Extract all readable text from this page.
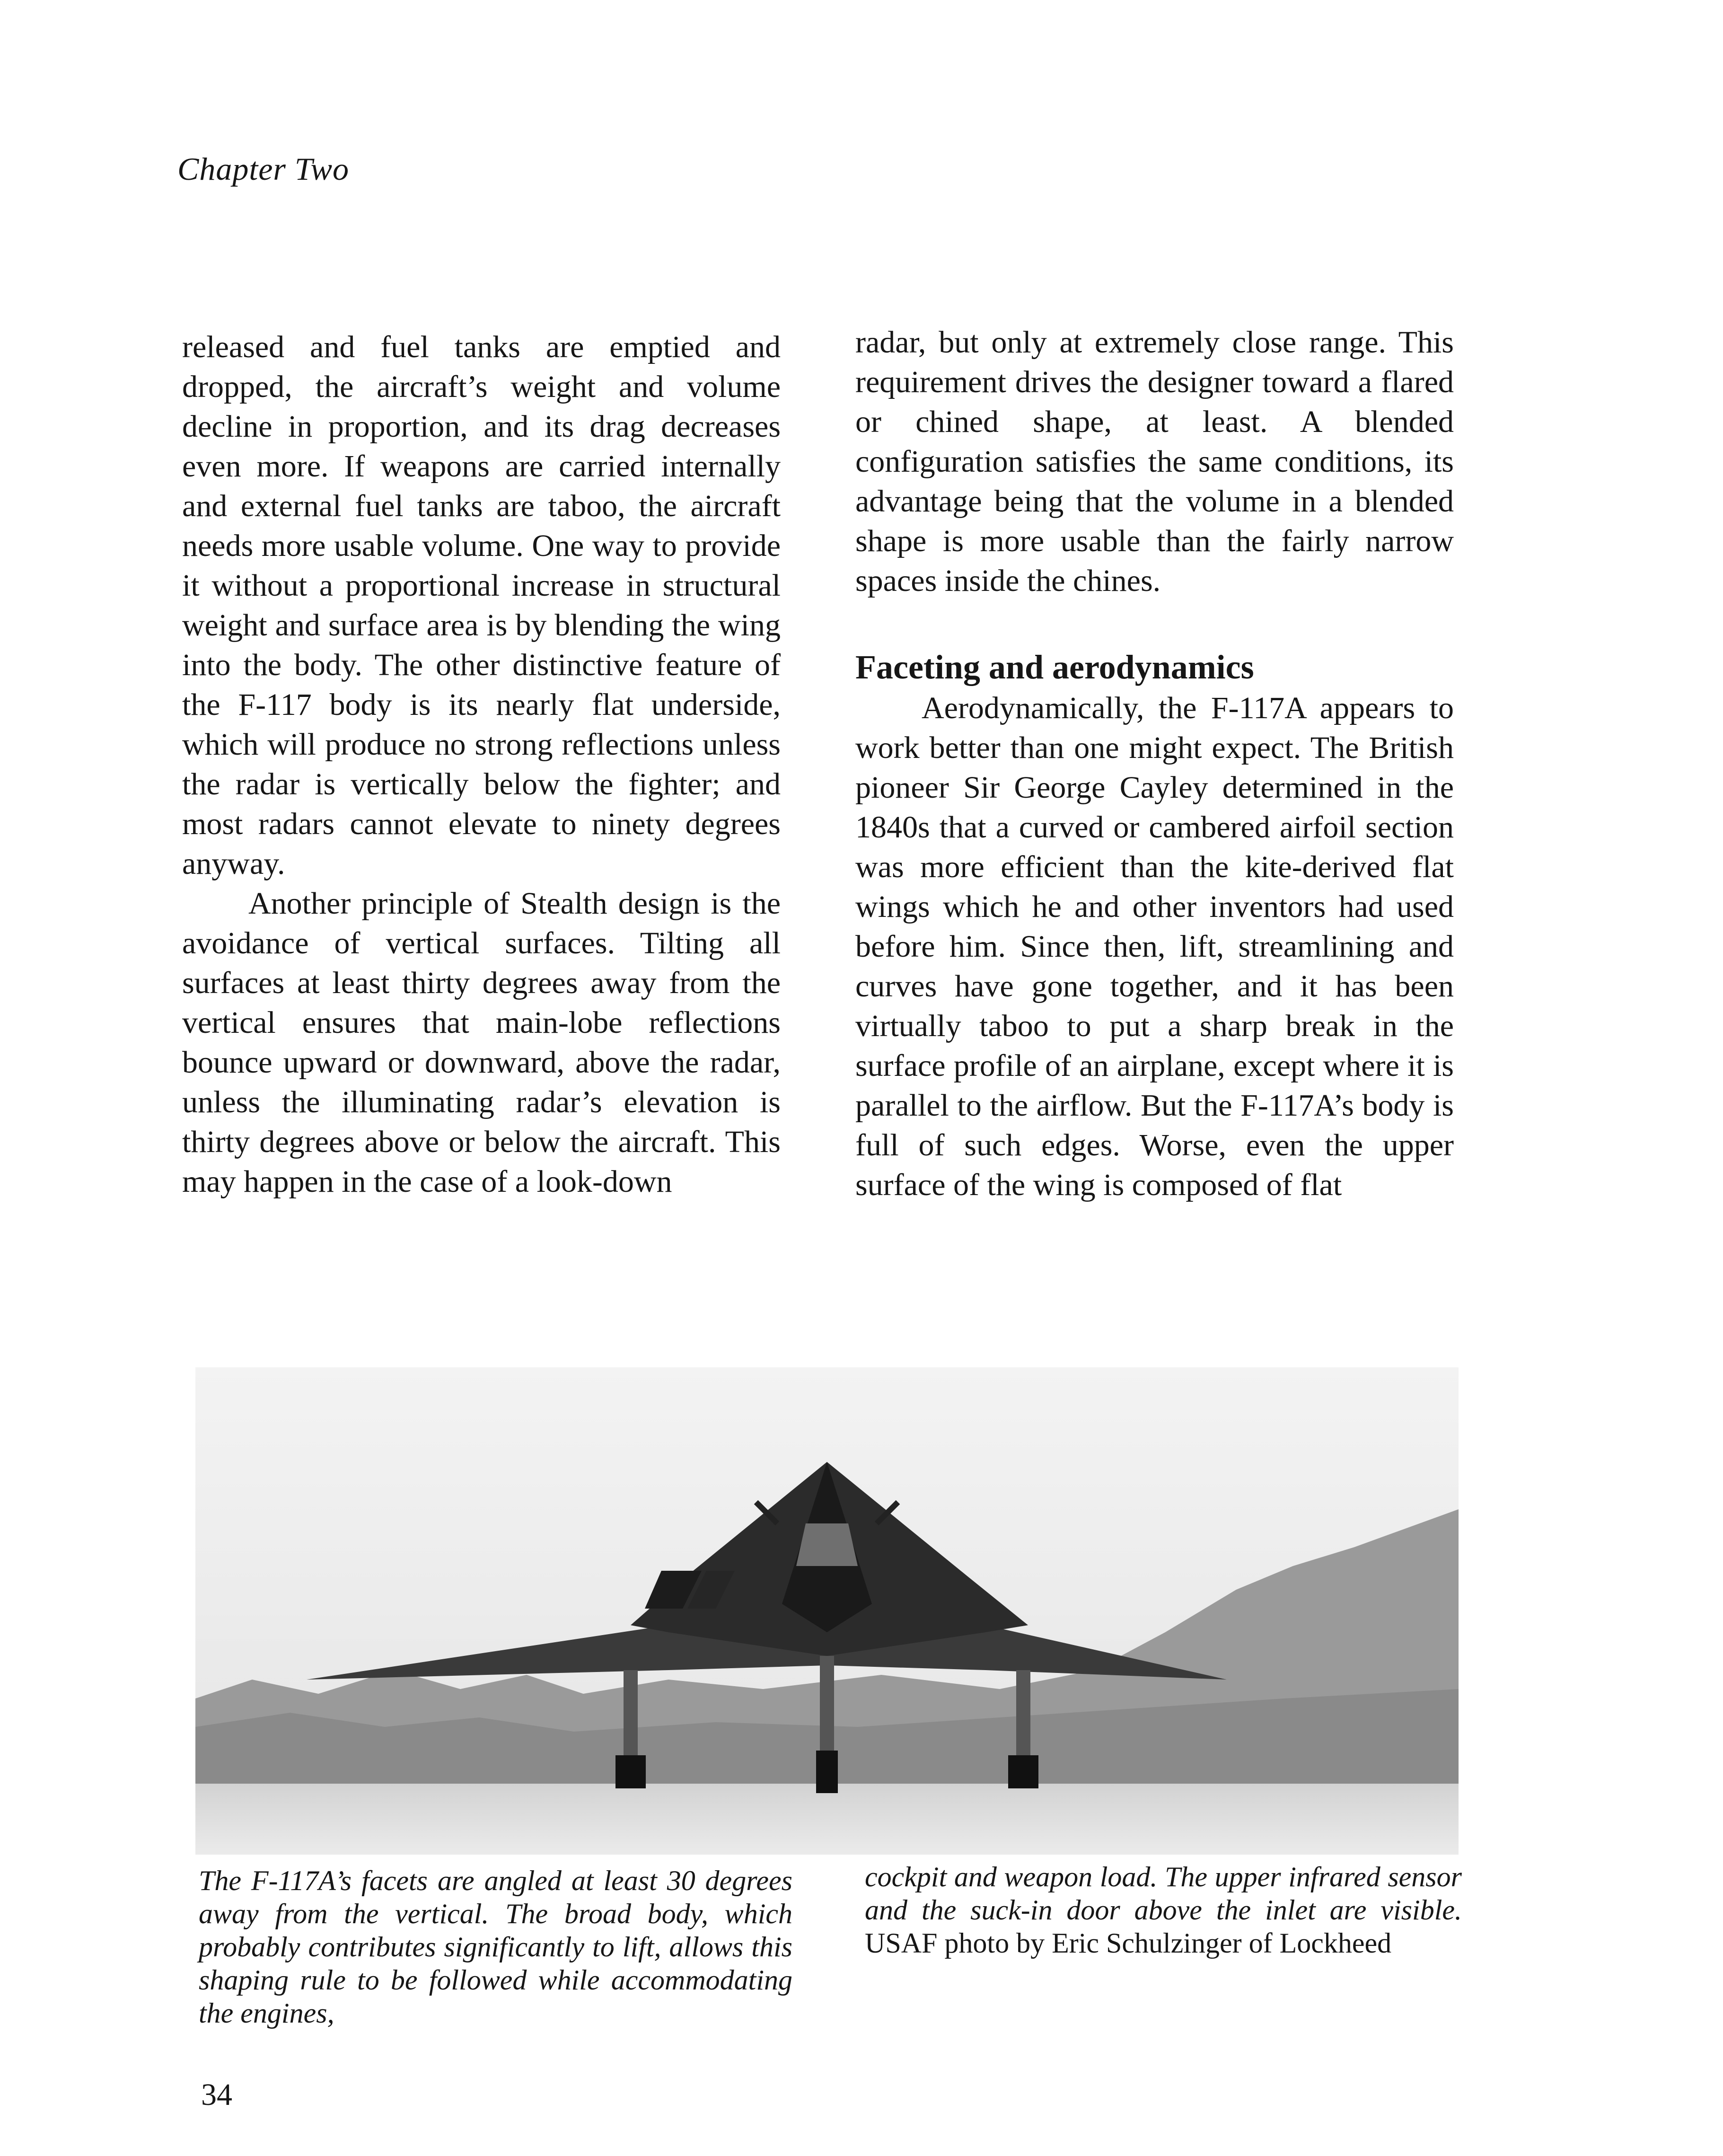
Chapter Two

released and fuel tanks are emptied and dropped, the aircraft’s weight and volume decline in proportion, and its drag decreases even more. If weapons are carried internally and external fuel tanks are taboo, the aircraft needs more usable volume. One way to provide it without a proportional increase in structural weight and surface area is by blending the wing into the body. The other distinctive feature of the F-117 body is its nearly flat underside, which will produce no strong reflections unless the radar is vertically below the fighter; and most radars cannot elevate to ninety degrees anyway.

Another principle of Stealth design is the avoidance of vertical surfaces. Tilting all surfaces at least thirty degrees away from the vertical ensures that main-lobe reflections bounce upward or downward, above the radar, unless the illuminating radar’s elevation is thirty degrees above or below the aircraft. This may happen in the case of a look-down

radar, but only at extremely close range. This requirement drives the designer toward a flared or chined shape, at least. A blended configuration satisfies the same conditions, its advantage being that the volume in a blended shape is more usable than the fairly narrow spaces inside the chines.

Faceting and aerodynamics

Aerodynamically, the F-117A appears to work better than one might expect. The British pioneer Sir George Cayley determined in the 1840s that a curved or cambered airfoil section was more efficient than the kite-derived flat wings which he and other inventors had used before him. Since then, lift, streamlining and curves have gone together, and it has been virtually taboo to put a sharp break in the surface profile of an airplane, except where it is parallel to the airflow. But the F-117A’s body is full of such edges. Worse, even the upper surface of the wing is composed of flat

The F-117A’s facets are angled at least 30 degrees away from the vertical. The broad body, which probably contributes significantly to lift, allows this shaping rule to be followed while accommodating the engines,
cockpit and weapon load. The upper infrared sensor and the suck-in door above the inlet are visible. USAF photo by Eric Schulzinger of Lockheed
34
